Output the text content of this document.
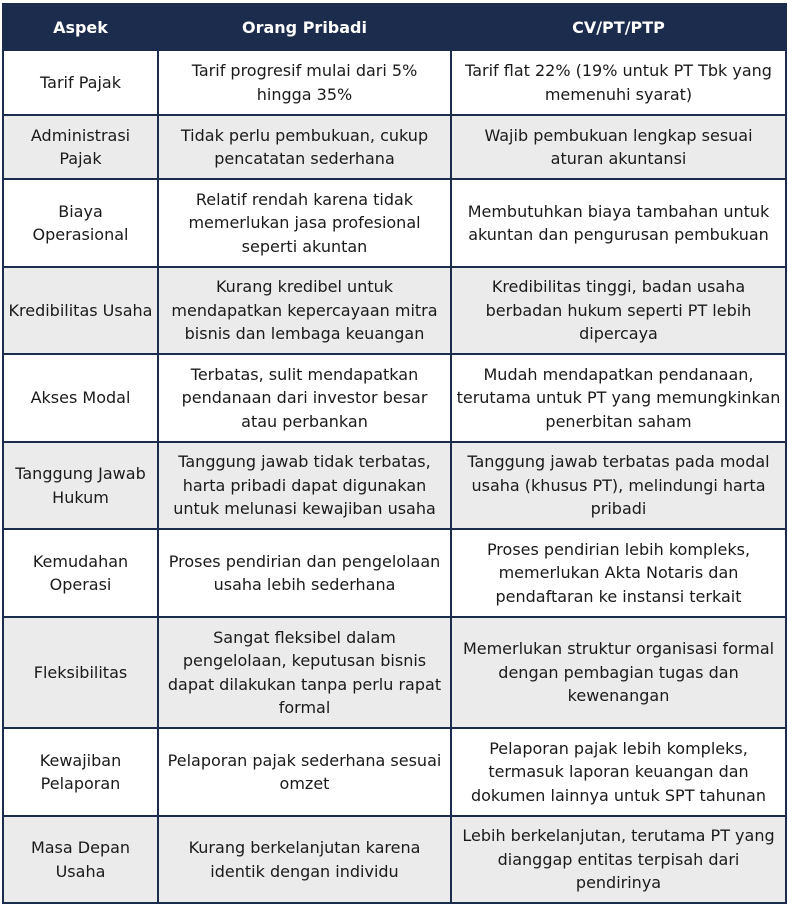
Aspek	Orang Pribadi	CV/PT/PTP
Tarif Pajak	Tarif progresif mulai dari 5% hingga 35%	Tarif flat 22% (19% untuk PT Tbk yang memenuhi syarat)
Administrasi Pajak	Tidak perlu pembukuan, cukup pencatatan sederhana	Wajib pembukuan lengkap sesuai aturan akuntansi
Biaya Operasional	Relatif rendah karena tidak memerlukan jasa profesional seperti akuntan	Membutuhkan biaya tambahan untuk akuntan dan pengurusan pembukuan
Kredibilitas Usaha	Kurang kredibel untuk mendapatkan kepercayaan mitra bisnis dan lembaga keuangan	Kredibilitas tinggi, badan usaha berbadan hukum seperti PT lebih dipercaya
Akses Modal	Terbatas, sulit mendapatkan pendanaan dari investor besar atau perbankan	Mudah mendapatkan pendanaan, terutama untuk PT yang memungkinkan penerbitan saham
Tanggung Jawab Hukum	Tanggung jawab tidak terbatas, harta pribadi dapat digunakan untuk melunasi kewajiban usaha	Tanggung jawab terbatas pada modal usaha (khusus PT), melindungi harta pribadi
Kemudahan Operasi	Proses pendirian dan pengelolaan usaha lebih sederhana	Proses pendirian lebih kompleks, memerlukan Akta Notaris dan pendaftaran ke instansi terkait
Fleksibilitas	Sangat fleksibel dalam pengelolaan, keputusan bisnis dapat dilakukan tanpa perlu rapat formal	Memerlukan struktur organisasi formal dengan pembagian tugas dan kewenangan
Kewajiban Pelaporan	Pelaporan pajak sederhana sesuai omzet	Pelaporan pajak lebih kompleks, termasuk laporan keuangan dan dokumen lainnya untuk SPT tahunan
Masa Depan Usaha	Kurang berkelanjutan karena identik dengan individu	Lebih berkelanjutan, terutama PT yang dianggap entitas terpisah dari pendirinya
